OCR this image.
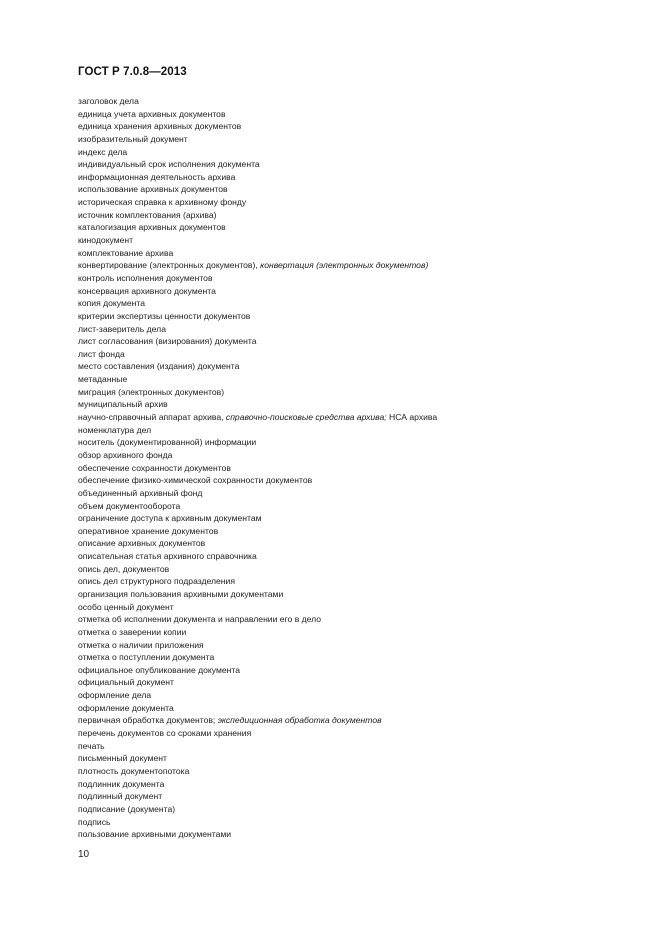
ГОСТ Р 7.0.8—2013
заголовок дела
единица учета архивных документов
единица хранения архивных документов
изобразительный документ
индекс дела
индивидуальный срок исполнения документа
информационная деятельность архива
использование архивных документов
историческая справка к архивному фонду
источник комплектования (архива)
каталогизация архивных документов
кинодокумент
комплектование архива
конвертирование (электронных документов), конвертация (электронных документов)
контроль исполнения документов
консервация архивного документа
копия документа
критерии экспертизы ценности документов
лист-заверитель дела
лист согласования (визирования) документа
лист фонда
место составления (издания) документа
метаданные
миграция (электронных документов)
муниципальный архив
научно-справочный аппарат архива, справочно-поисковые средства архива; НСА архива
номенклатура дел
носитель (документированной) информации
обзор архивного фонда
обеспечение сохранности документов
обеспечение физико-химической сохранности документов
объединенный архивный фонд
объем документооборота
ограничение доступа к архивным документам
оперативное хранение документов
описание архивных документов
описательная статья архивного справочника
опись дел, документов
опись дел структурного подразделения
организация пользования архивными документами
особо ценный документ
отметка об исполнении документа и направлении его в дело
отметка о заверении копии
отметка о наличии приложения
отметка о поступлении документа
официальное опубликование документа
официальный документ
оформление дела
оформление документа
первичная обработка документов; экспедиционная обработка документов
перечень документов со сроками хранения
печать
письменный документ
плотность документопотока
подлинник документа
подлинный документ
подписание (документа)
подпись
пользование архивными документами
10
